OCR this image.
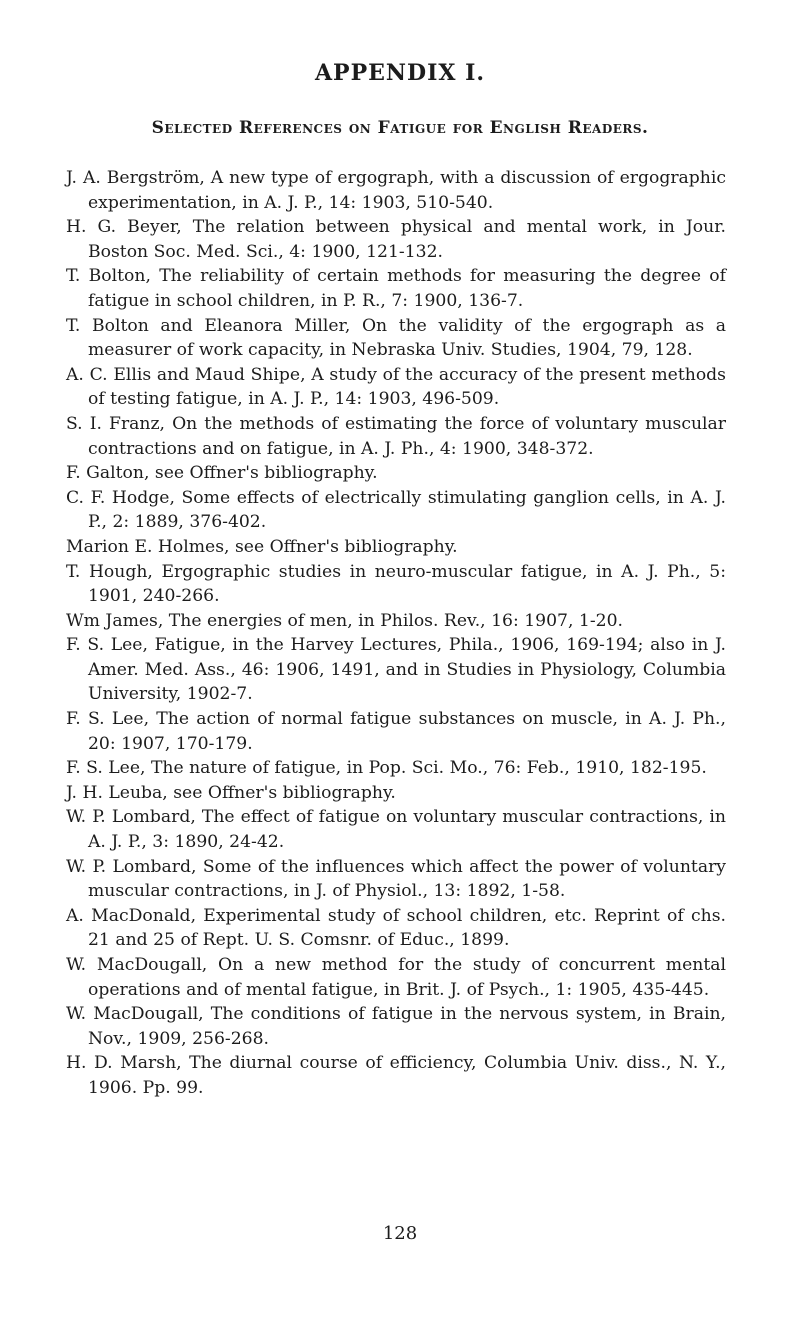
APPENDIX I.
Selected References on Fatigue for English Readers.
J. A. Bergström, A new type of ergograph, with a discussion of ergographic experimentation, in A. J. P., 14: 1903, 510-540.
H. G. Beyer, The relation between physical and mental work, in Jour. Boston Soc. Med. Sci., 4: 1900, 121-132.
T. Bolton, The reliability of certain methods for measuring the degree of fatigue in school children, in P. R., 7: 1900, 136-7.
T. Bolton and Eleanora Miller, On the validity of the ergograph as a measurer of work capacity, in Nebraska Univ. Studies, 1904, 79, 128.
A. C. Ellis and Maud Shipe, A study of the accuracy of the present methods of testing fatigue, in A. J. P., 14: 1903, 496-509.
S. I. Franz, On the methods of estimating the force of voluntary muscular contractions and on fatigue, in A. J. Ph., 4: 1900, 348-372.
F. Galton, see Offner's bibliography.
C. F. Hodge, Some effects of electrically stimulating ganglion cells, in A. J. P., 2: 1889, 376-402.
Marion E. Holmes, see Offner's bibliography.
T. Hough, Ergographic studies in neuro-muscular fatigue, in A. J. Ph., 5: 1901, 240-266.
Wm James, The energies of men, in Philos. Rev., 16: 1907, 1-20.
F. S. Lee, Fatigue, in the Harvey Lectures, Phila., 1906, 169-194; also in J. Amer. Med. Ass., 46: 1906, 1491, and in Studies in Physiology, Columbia University, 1902-7.
F. S. Lee, The action of normal fatigue substances on muscle, in A. J. Ph., 20: 1907, 170-179.
F. S. Lee, The nature of fatigue, in Pop. Sci. Mo., 76: Feb., 1910, 182-195.
J. H. Leuba, see Offner's bibliography.
W. P. Lombard, The effect of fatigue on voluntary muscular contractions, in A. J. P., 3: 1890, 24-42.
W. P. Lombard, Some of the influences which affect the power of voluntary muscular contractions, in J. of Physiol., 13: 1892, 1-58.
A. MacDonald, Experimental study of school children, etc. Reprint of chs. 21 and 25 of Rept. U. S. Comsnr. of Educ., 1899.
W. MacDougall, On a new method for the study of concurrent mental operations and of mental fatigue, in Brit. J. of Psych., 1: 1905, 435-445.
W. MacDougall, The conditions of fatigue in the nervous system, in Brain, Nov., 1909, 256-268.
H. D. Marsh, The diurnal course of efficiency, Columbia Univ. diss., N. Y., 1906. Pp. 99.
128
